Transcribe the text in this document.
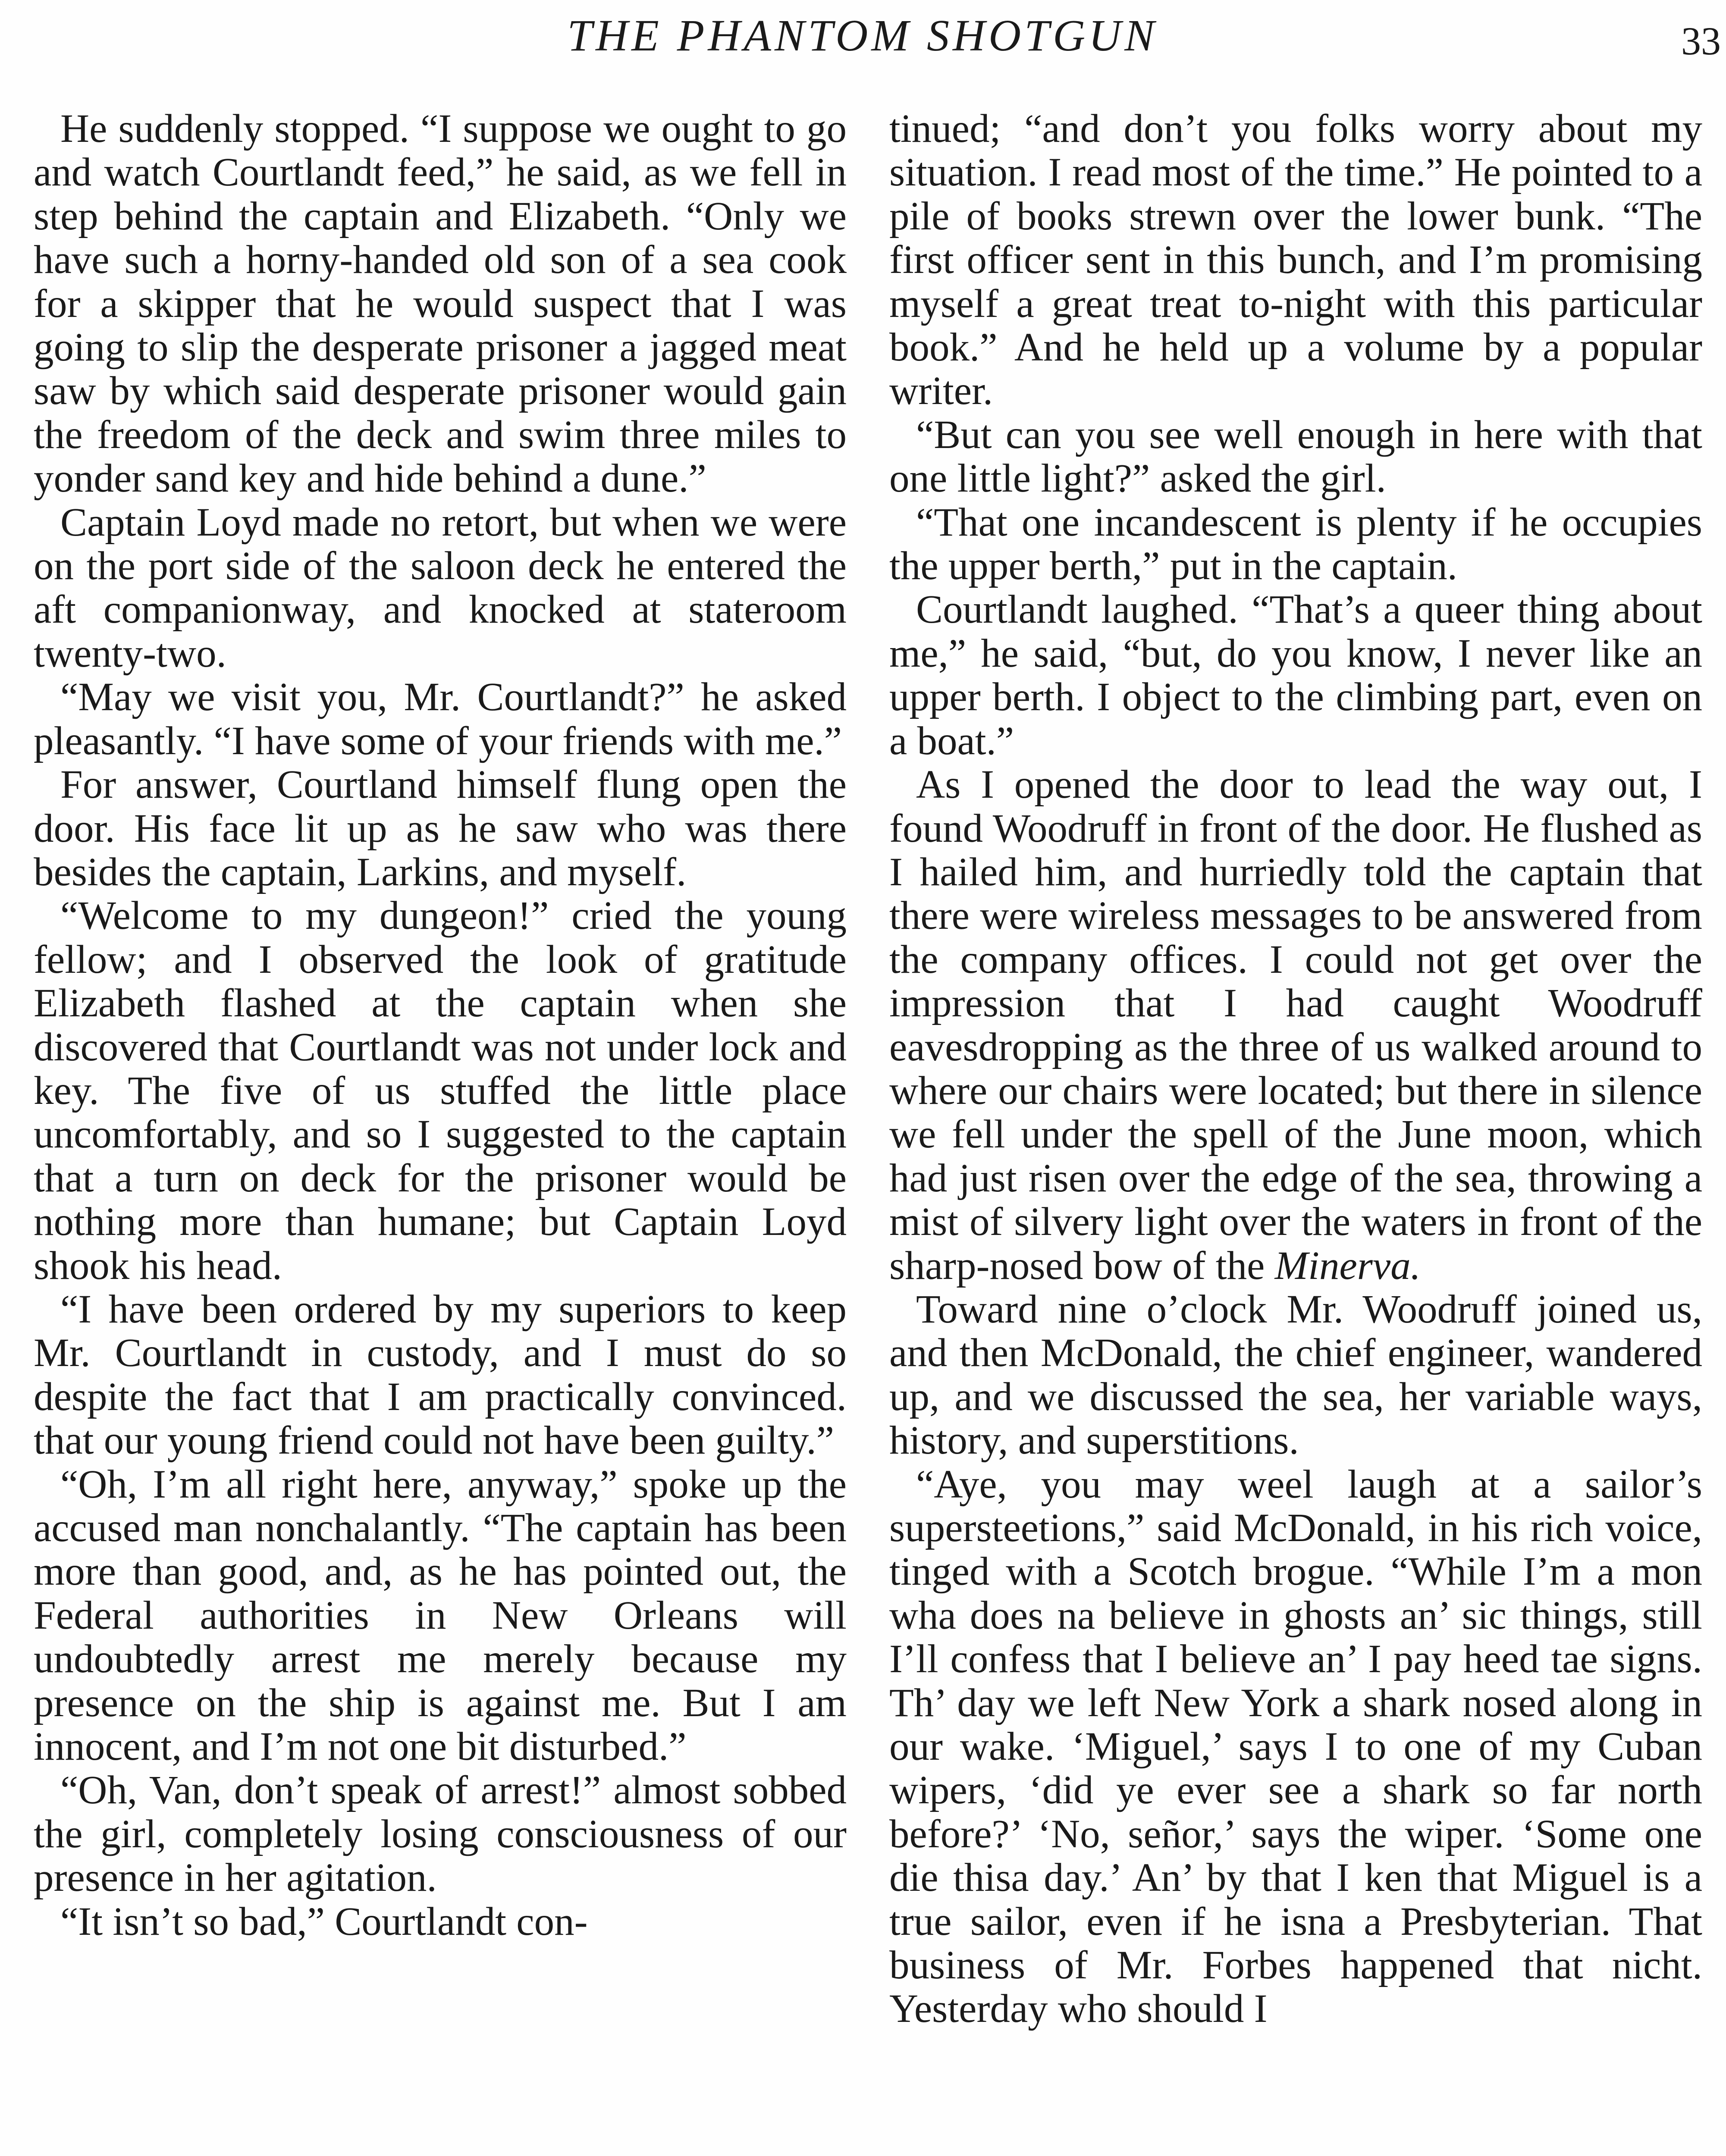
THE PHANTOM SHOTGUN	33

He suddenly stopped. “I suppose we ought to go and watch Courtlandt feed,” he said, as we fell in step behind the captain and Elizabeth. “Only we have such a horny-handed old son of a sea cook for a skipper that he would suspect that I was going to slip the desperate prisoner a jagged meat saw by which said desperate prisoner would gain the freedom of the deck and swim three miles to yonder sand key and hide behind a dune.”

Captain Loyd made no retort, but when we were on the port side of the saloon deck he entered the aft companionway, and knocked at stateroom twenty-two.

“May we visit you, Mr. Courtlandt?” he asked pleasantly. “I have some of your friends with me.”

For answer, Courtland himself flung open the door. His face lit up as he saw who was there besides the captain, Larkins, and myself.

“Welcome to my dungeon!” cried the young fellow; and I observed the look of gratitude Elizabeth flashed at the captain when she discovered that Courtlandt was not under lock and key. The five of us stuffed the little place uncomfortably, and so I suggested to the captain that a turn on deck for the prisoner would be nothing more than humane; but Captain Loyd shook his head.

“I have been ordered by my superiors to keep Mr. Courtlandt in custody, and I must do so despite the fact that I am practically convinced. that our young friend could not have been guilty.”

“Oh, I’m all right here, anyway,” spoke up the accused man nonchalantly. “The captain has been more than good, and, as he has pointed out, the Federal authorities in New Orleans will undoubtedly arrest me merely because my presence on the ship is against me. But I am innocent, and I’m not one bit disturbed.”

“Oh, Van, don’t speak of arrest!” almost sobbed the girl, completely losing consciousness of our presence in her agitation.

“It isn’t so bad,” Courtlandt con-

tinued; “and don’t you folks worry about my situation. I read most of the time.” He pointed to a pile of books strewn over the lower bunk. “The first officer sent in this bunch, and I’m promising myself a great treat to-night with this particular book.” And he held up a volume by a popular writer.

“But can you see well enough in here with that one little light?” asked the girl.

“That one incandescent is plenty if he occupies the upper berth,” put in the captain.

Courtlandt laughed. “That’s a queer thing about me,” he said, “but, do you know, I never like an upper berth. I object to the climbing part, even on a boat.”

As I opened the door to lead the way out, I found Woodruff in front of the door. He flushed as I hailed him, and hurriedly told the captain that there were wireless messages to be answered from the company offices. I could not get over the impression that I had caught Woodruff eavesdropping as the three of us walked around to where our chairs were located; but there in silence we fell under the spell of the June moon, which had just risen over the edge of the sea, throwing a mist of silvery light over the waters in front of the sharp-nosed bow of the Minerva.

Toward nine o’clock Mr. Woodruff joined us, and then McDonald, the chief engineer, wandered up, and we discussed the sea, her variable ways, history, and superstitions.

“Aye, you may weel laugh at a sailor’s supersteetions,” said McDonald, in his rich voice, tinged with a Scotch brogue. “While I’m a mon wha does na believe in ghosts an’ sic things, still I’ll confess that I believe an’ I pay heed tae signs. Th’ day we left New York a shark nosed along in our wake. ‘Miguel,’ says I to one of my Cuban wipers, ‘did ye ever see a shark so far north before?’ ‘No, señor,’ says the wiper. ‘Some one die thisa day.’ An’ by that I ken that Miguel is a true sailor, even if he isna a Presbyterian. That business of Mr. Forbes happened that nicht. Yesterday who should I
